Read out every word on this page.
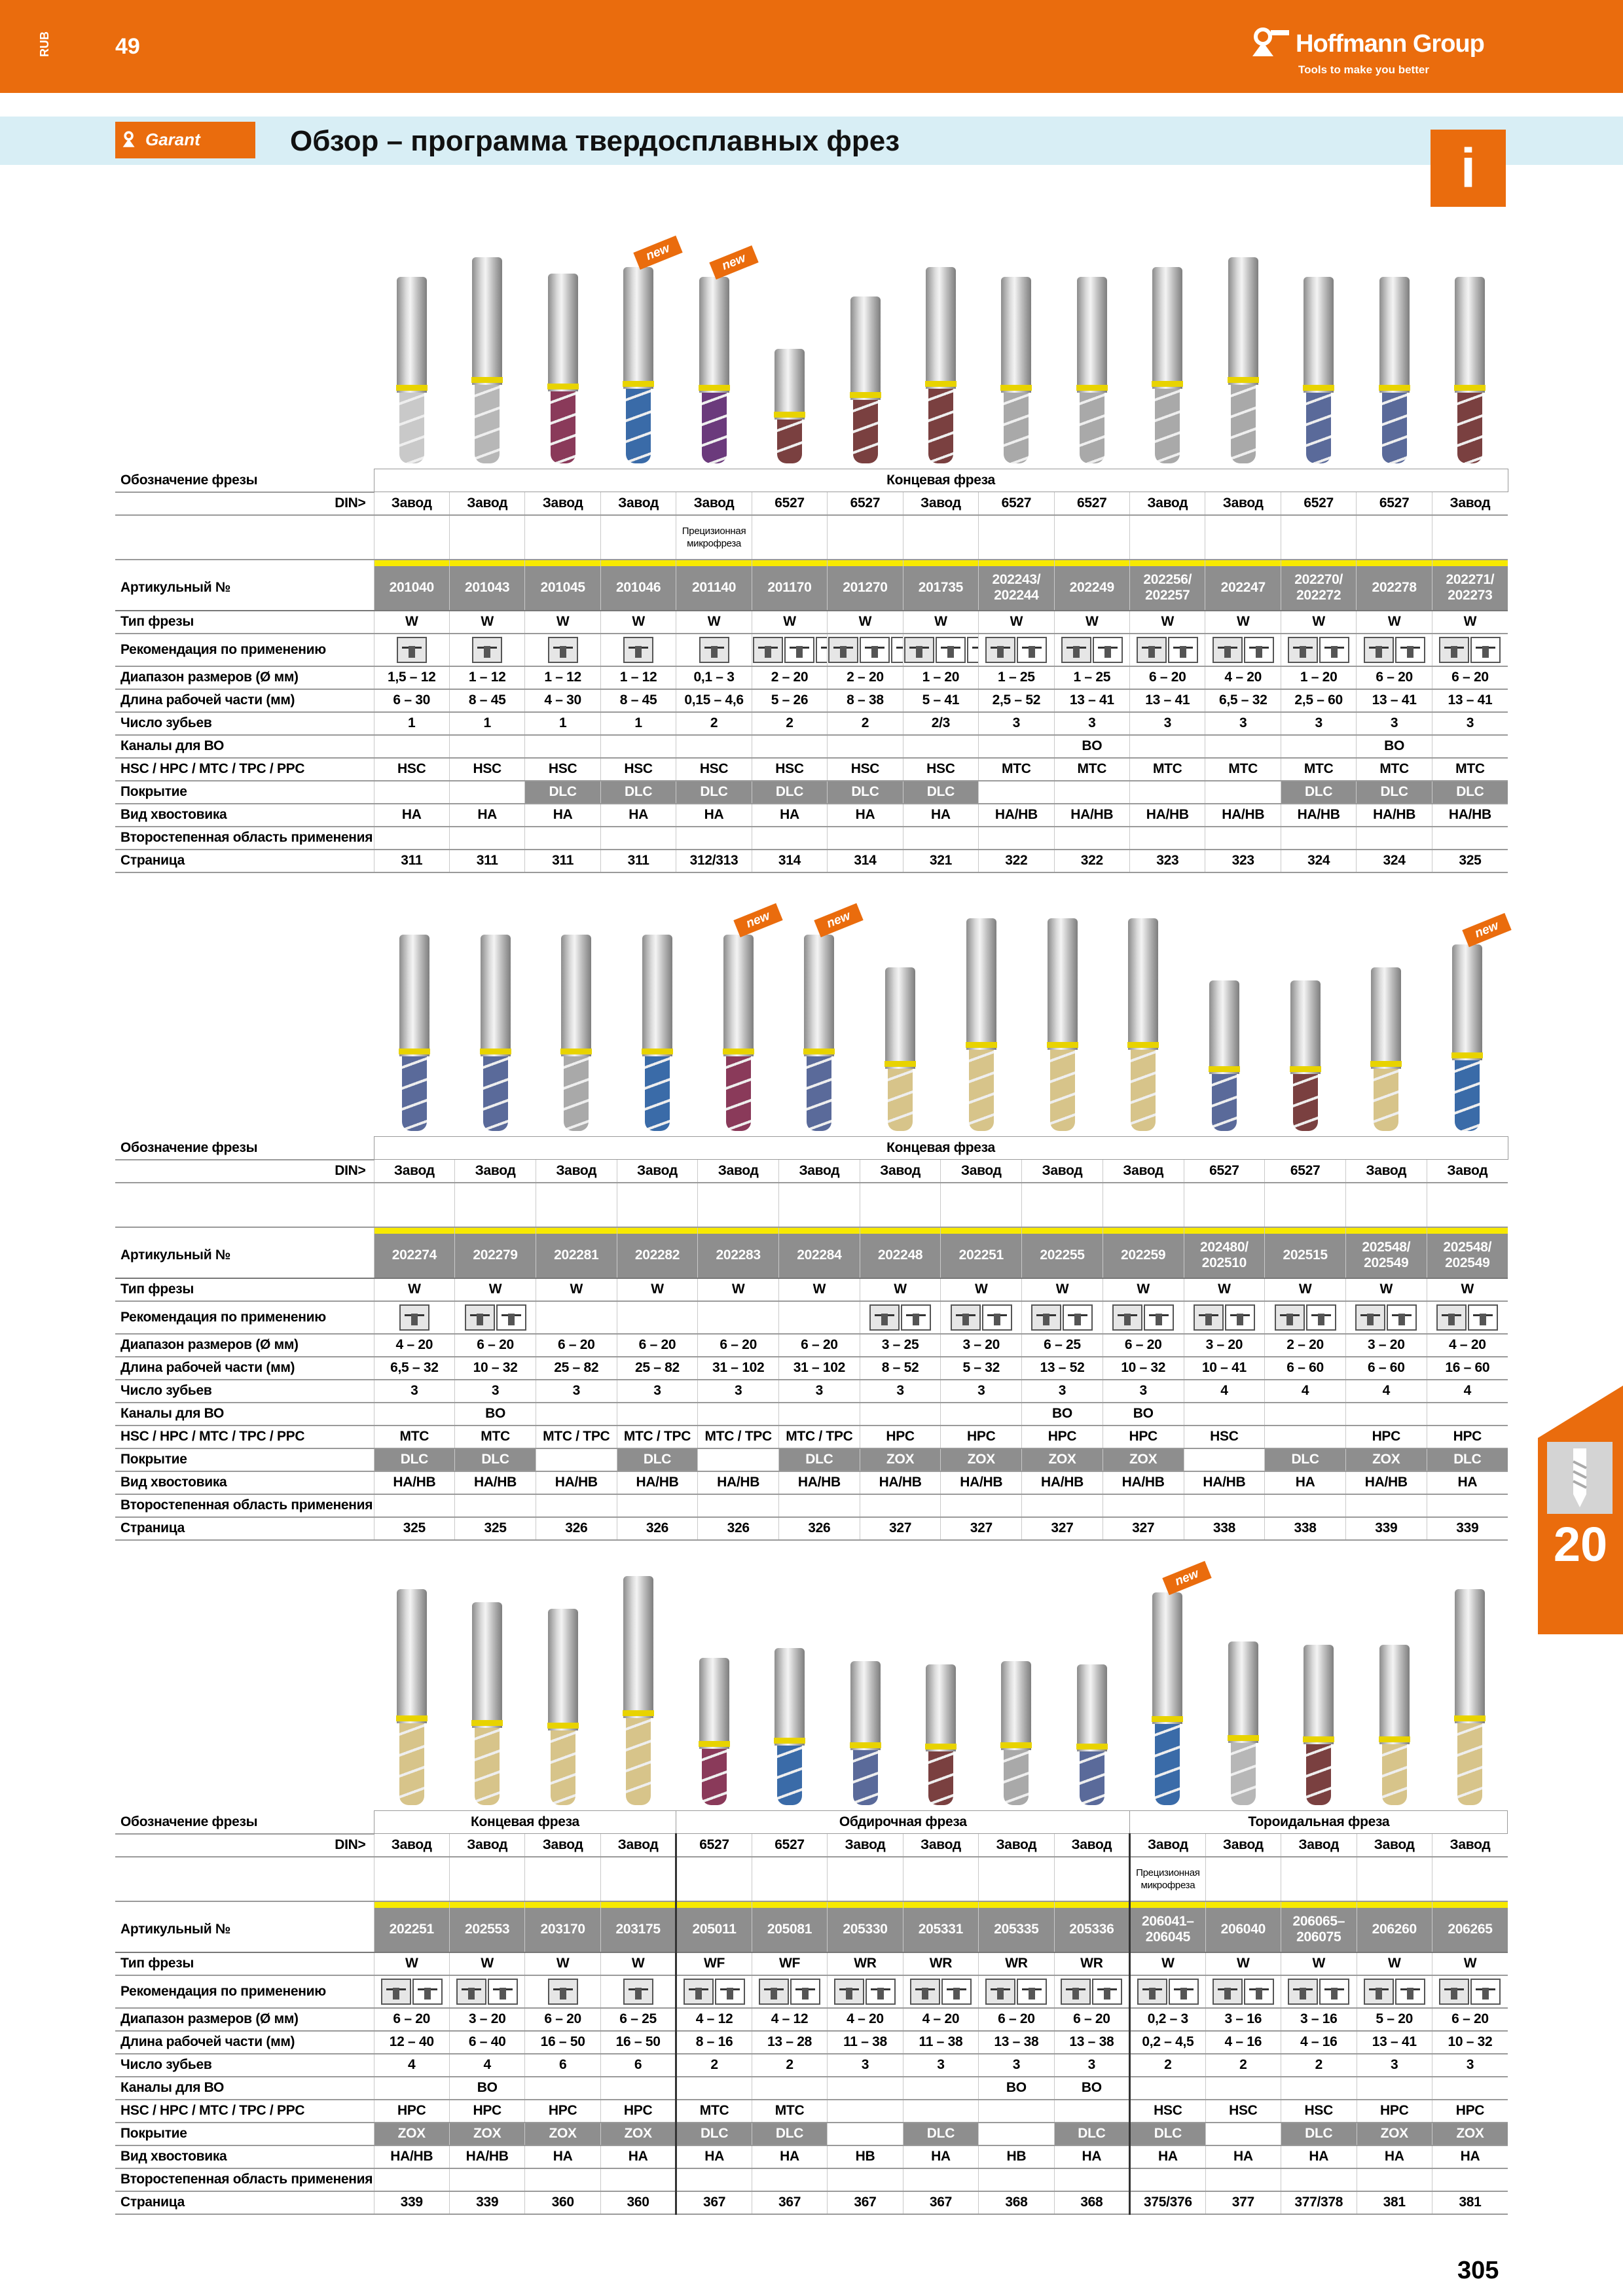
RUB	49	Hoffmann Group
Tools to make you better
Garant	Обзор – программа твердосплавных фрез	i
new	new
new	new	new
new
Обозначение фрезы	Концевая фреза														
DIN>	Завод	Завод	Завод	Завод	Завод	6527	6527	Завод	6527	6527	Завод	Завод	6527	6527	Завод
					Прецизионная микрофреза										

Артикульный №	201040	201043	201045	201046	201140	201170	201270	201735	202243/ 202244	202249	202256/ 202257	202247	202270/ 202272	202278	202271/ 202273
Тип фрезы	W	W	W	W	W	W	W	W	W	W	W	W	W	W	W
Рекомендация по применению															
Диапазон размеров (Ø мм)	1,5 – 12	1 – 12	1 – 12	1 – 12	0,1 – 3	2 – 20	2 – 20	1 – 20	1 – 25	1 – 25	6 – 20	4 – 20	1 – 20	6 – 20	6 – 20
Длина рабочей части (мм)	6 – 30	8 – 45	4 – 30	8 – 45	0,15 – 4,6	5 – 26	8 – 38	5 – 41	2,5 – 52	13 – 41	13 – 41	6,5 – 32	2,5 – 60	13 – 41	13 – 41
Число зубьев	1	1	1	1	2	2	2	2/3	3	3	3	3	3	3	3
Каналы для ВО										BO				BO	
HSC / HPC / MTC / TPC / PPC	HSC	HSC	HSC	HSC	HSC	HSC	HSC	HSC	MTC	MTC	MTC	MTC	MTC	MTC	MTC
Покрытие			DLC	DLC	DLC	DLC	DLC	DLC					DLC	DLC	DLC
Вид хвостовика	HA	HA	HA	HA	HA	HA	HA	HA	HA/HB	HA/HB	HA/HB	HA/HB	HA/HB	HA/HB	HA/HB
Второстепенная область применения															
Страница	311	311	311	311	312/313	314	314	321	322	322	323	323	324	324	325
Обозначение фрезы	Концевая фреза													
DIN>	Завод	Завод	Завод	Завод	Завод	Завод	Завод	Завод	Завод	Завод	6527	6527	Завод	Завод

Артикульный №	202274	202279	202281	202282	202283	202284	202248	202251	202255	202259	202480/ 202510	202515	202548/ 202549	202548/ 202549
Тип фрезы	W	W	W	W	W	W	W	W	W	W	W	W	W	W
Рекомендация по применению														
Диапазон размеров (Ø мм)	4 – 20	6 – 20	6 – 20	6 – 20	6 – 20	6 – 20	3 – 25	3 – 20	6 – 25	6 – 20	3 – 20	2 – 20	3 – 20	4 – 20
Длина рабочей части (мм)	6,5 – 32	10 – 32	25 – 82	25 – 82	31 – 102	31 – 102	8 – 52	5 – 32	13 – 52	10 – 32	10 – 41	6 – 60	6 – 60	16 – 60
Число зубьев	3	3	3	3	3	3	3	3	3	3	4	4	4	4
Каналы для ВО		BO							BO	BO				
HSC / HPC / MTC / TPC / PPC	MTC	MTC	MTC / TPC	MTC / TPC	MTC / TPC	MTC / TPC	HPC	HPC	HPC	HPC	HSC		HPC	HPC
Покрытие	DLC	DLC		DLC		DLC	ZOX	ZOX	ZOX	ZOX		DLC	ZOX	DLC
Вид хвостовика	HA/HB	HA/HB	HA/HB	HA/HB	HA/HB	HA/HB	HA/HB	HA/HB	HA/HB	HA/HB	HA/HB	HA	HA/HB	HA
Второстепенная область применения														
Страница	325	325	326	326	326	326	327	327	327	327	338	338	339	339
Обозначение фрезы	Концевая фреза				Обдирочная фреза						Тороидальная фреза				
DIN>	Завод	Завод	Завод	Завод	6527	6527	Завод	Завод	Завод	Завод	Завод	Завод	Завод	Завод	Завод
											Прецизионная микрофреза				

Артикульный №	202251	202553	203170	203175	205011	205081	205330	205331	205335	205336	206041– 206045	206040	206065– 206075	206260	206265
Тип фрезы	W	W	W	W	WF	WF	WR	WR	WR	WR	W	W	W	W	W
Рекомендация по применению															
Диапазон размеров (Ø мм)	6 – 20	3 – 20	6 – 20	6 – 25	4 – 12	4 – 12	4 – 20	4 – 20	6 – 20	6 – 20	0,2 – 3	3 – 16	3 – 16	5 – 20	6 – 20
Длина рабочей части (мм)	12 – 40	6 – 40	16 – 50	16 – 50	8 – 16	13 – 28	11 – 38	11 – 38	13 – 38	13 – 38	0,2 – 4,5	4 – 16	4 – 16	13 – 41	10 – 32
Число зубьев	4	4	6	6	2	2	3	3	3	3	2	2	2	3	3
Каналы для ВО		BO							BO	BO					
HSC / HPC / MTC / TPC / PPC	HPC	HPC	HPC	HPC	MTC	MTC					HSC	HSC	HSC	HPC	HPC
Покрытие	ZOX	ZOX	ZOX	ZOX	DLC	DLC		DLC		DLC	DLC		DLC	ZOX	ZOX
Вид хвостовика	HA/HB	HA/HB	HA	HA	HA	HA	HB	HA	HB	HA	HA	HA	HA	HA	HA
Второстепенная область применения															
Страница	339	339	360	360	367	367	367	367	368	368	375/376	377	377/378	381	381
20
305
